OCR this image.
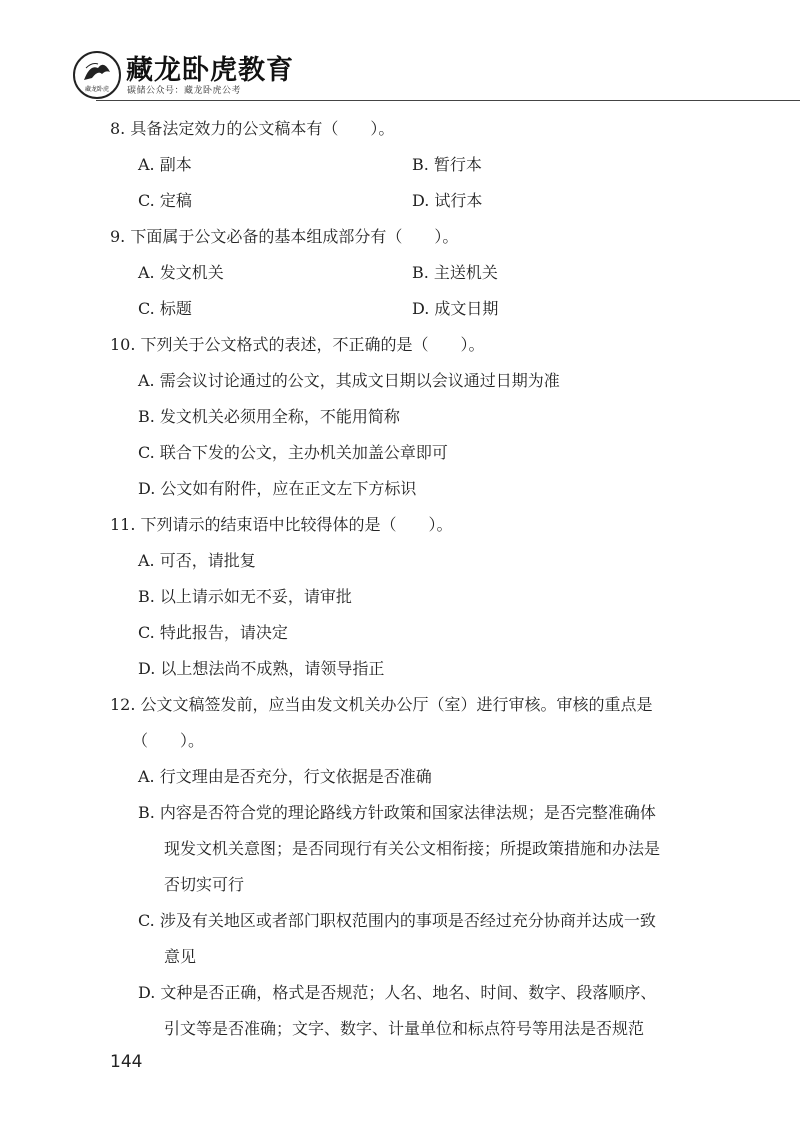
藏龙卧虎
藏龙卧虎教育
碳储公众号：藏龙卧虎公考
8. 具备法定效力的公文稿本有（　　）。
A. 副本	B. 暂行本
C. 定稿	D. 试行本
9. 下面属于公文必备的基本组成部分有（　　）。
A. 发文机关	B. 主送机关
C. 标题	D. 成文日期
10. 下列关于公文格式的表述，不正确的是（　　）。
A. 需会议讨论通过的公文，其成文日期以会议通过日期为准
B. 发文机关必须用全称，不能用简称
C. 联合下发的公文，主办机关加盖公章即可
D. 公文如有附件，应在正文左下方标识
11. 下列请示的结束语中比较得体的是（　　）。
A. 可否，请批复
B. 以上请示如无不妥，请审批
C. 特此报告，请决定
D. 以上想法尚不成熟，请领导指正
12. 公文文稿签发前，应当由发文机关办公厅（室）进行审核。审核的重点是
（　　）。
A. 行文理由是否充分，行文依据是否准确
B. 内容是否符合党的理论路线方针政策和国家法律法规；是否完整准确体
现发文机关意图；是否同现行有关公文相衔接；所提政策措施和办法是
否切实可行
C. 涉及有关地区或者部门职权范围内的事项是否经过充分协商并达成一致
意见
D. 文种是否正确，格式是否规范；人名、地名、时间、数字、段落顺序、
引文等是否准确；文字、数字、计量单位和标点符号等用法是否规范
144
